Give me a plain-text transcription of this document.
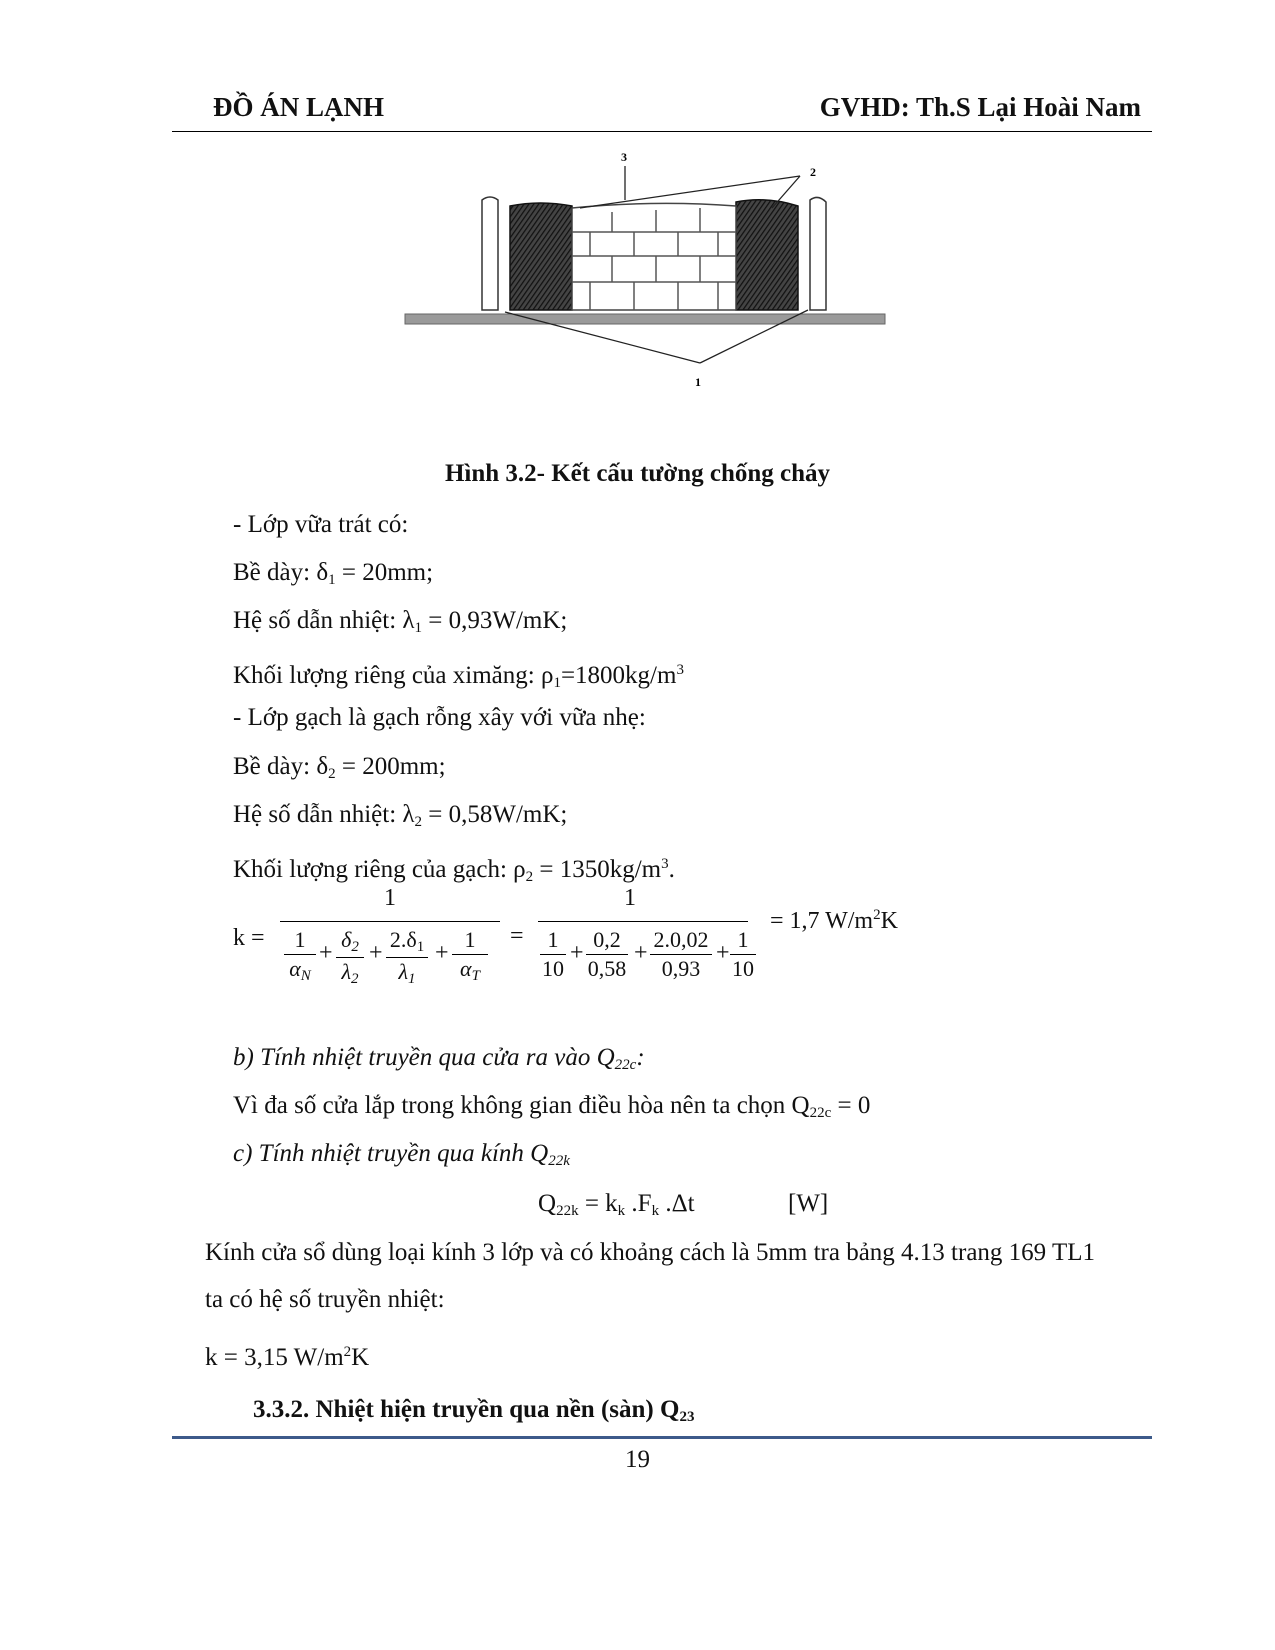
ĐỒ ÁN LẠNH	GVHD: Th.S Lại Hoài Nam
3
2
1
Hình 3.2- Kết cấu tường chống cháy
- Lớp vữa trát có:
Bề dày: $\delta_1 = 20mm$;
Hệ số dẫn nhiệt: $\lambda_1 = 0,93W/mK$;
Khối lượng riêng của ximăng: $\rho_1=1800kg/m^3$
- Lớp gạch là gạch rỗng xây với vữa nhẹ:
Bề dày: $\delta_2 = 200mm$;
Hệ số dẫn nhiệt: $\lambda_2 = 0,58W/mK$;
Khối lượng riêng của gạch: $\rho_2 = 1350kg/m^3$.
k =
1
1
$\alpha_N$
+
$\delta_2$
$\lambda_2$
+
$2.\delta_1$
$\lambda_1$
+
1
$\alpha_T$
=
1
1
10
+
0,2
0,58
+
2.0,02
0,93
+
1
10
= 1,7 $W/m^2K$
b) Tính nhiệt truyền qua cửa ra vào $Q_{22c}$:
Vì đa số cửa lắp trong không gian điều hòa nên ta chọn $Q_{22c} = 0$
c) Tính nhiệt truyền qua kính $Q_{22k}$
$Q_{22k} = k_k$ $.F_k$ .Δt	[W]
Kính cửa sổ dùng loại kính 3 lớp và có khoảng cách là 5mm tra bảng 4.13 trang 169 TL1
ta có hệ số truyền nhiệt:
k = 3,15 $W/m^2K$
3.3.2. Nhiệt hiện truyền qua nền (sàn) $Q_{23}$
19
